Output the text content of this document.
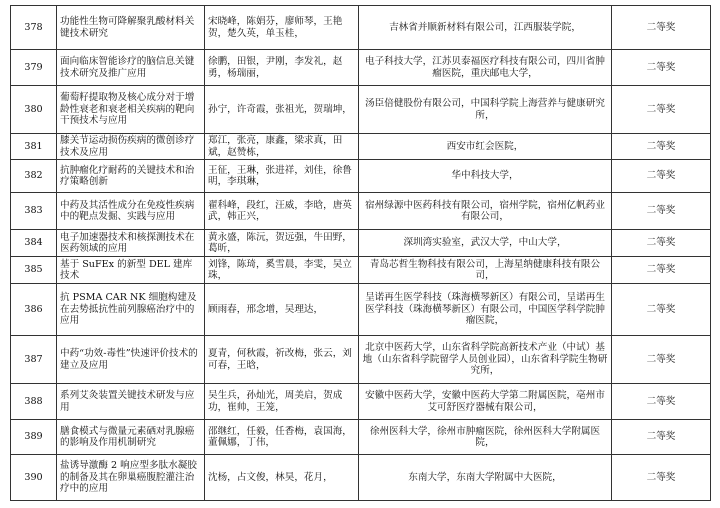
378	功能性生物可降解聚乳酸材料关键技术研究	宋晓峰，陈娟芬，廖师琴，王艳贺，楚久英，单玉桂，	吉林省并顺新材料有限公司，江西服装学院，	二等奖
379	面向临床智能诊疗的脑信息关键技术研究及推广应用	徐鹏，田银，尹刚，李发礼，赵勇，杨瑞丽，	电子科技大学，江苏贝泰福医疗科技有限公司，四川省肿瘤医院，重庆邮电大学，	二等奖
380	葡萄籽提取物及核心成分对于增龄性衰老和衰老相关疾病的靶向干预技术与应用	孙宁，许奇霞，张祖光，贺瑞坤，	汤臣倍健股份有限公司，中国科学院上海营养与健康研究所，	二等奖
381	膝关节运动损伤疾病的微创诊疗技术及应用	郑江，张亮，康鑫，梁求真，田斌，赵赞栋，	西安市红会医院，	二等奖
382	抗肿瘤化疗耐药的关键技术和治疗策略创新	王征，王琳，张进祥，刘佳，徐鲁明，李琪琳，	华中科技大学，	二等奖
383	中药及其活性成分在免疫性疾病中的靶点发掘、实践与应用	翟科峰，段红，汪威，李晗，唐英武，韩正兴，	宿州绿源中医药科技有限公司，宿州学院，宿州亿帆药业有限公司，	二等奖
384	电子加速器技术和核探测技术在医药领域的应用	黄永盛，陈沅，贺远强，牛田野，葛昕，	深圳湾实验室，武汉大学，中山大学，	二等奖
385	基于 SuFEx 的新型 DEL 建库技术	刘锋，陈琦，奚雪晨，李雯，吴立珠，	青岛芯哲生物科技有限公司，上海星纳健康科技有限公司，	二等奖
386	抗 PSMA CAR NK 细胞构建及在去势抵抗性前列腺癌治疗中的应用	顾雨春，邢念增，吴理达，	呈诺再生医学科技（珠海横琴新区）有限公司，呈诺再生医学科技（珠海横琴新区）有限公司，中国医学科学院肿瘤医院，	二等奖
387	中药“功效-毒性”快速评价技术的建立及应用	夏青，何秋霞，祈改梅，张云，刘可春，王晗，	北京中医药大学，山东省科学院高新技术产业（中试）基地（山东省科学院留学人员创业园），山东省科学院生物研究所，	二等奖
388	系列艾灸装置关键技术研发与应用	吴生兵，孙灿光，周美启，贺成功，崔帅，王笼，	安徽中医药大学，安徽中医药大学第二附属医院，亳州市艾可舒医疗器械有限公司，	二等奖
389	膳食模式与微量元素硒对乳腺癌的影响及作用机制研究	邵继红，任毅，任香梅，袁国海，董佩娜，丁伟，	徐州医科大学，徐州市肿瘤医院，徐州医科大学附属医院，	二等奖
390	盐诱导激酶 2 响应型多肽水凝胶的制备及其在卵巢癌腹腔灌注治疗中的应用	沈杨，占文俊，林昊，花月，	东南大学，东南大学附属中大医院，	二等奖
